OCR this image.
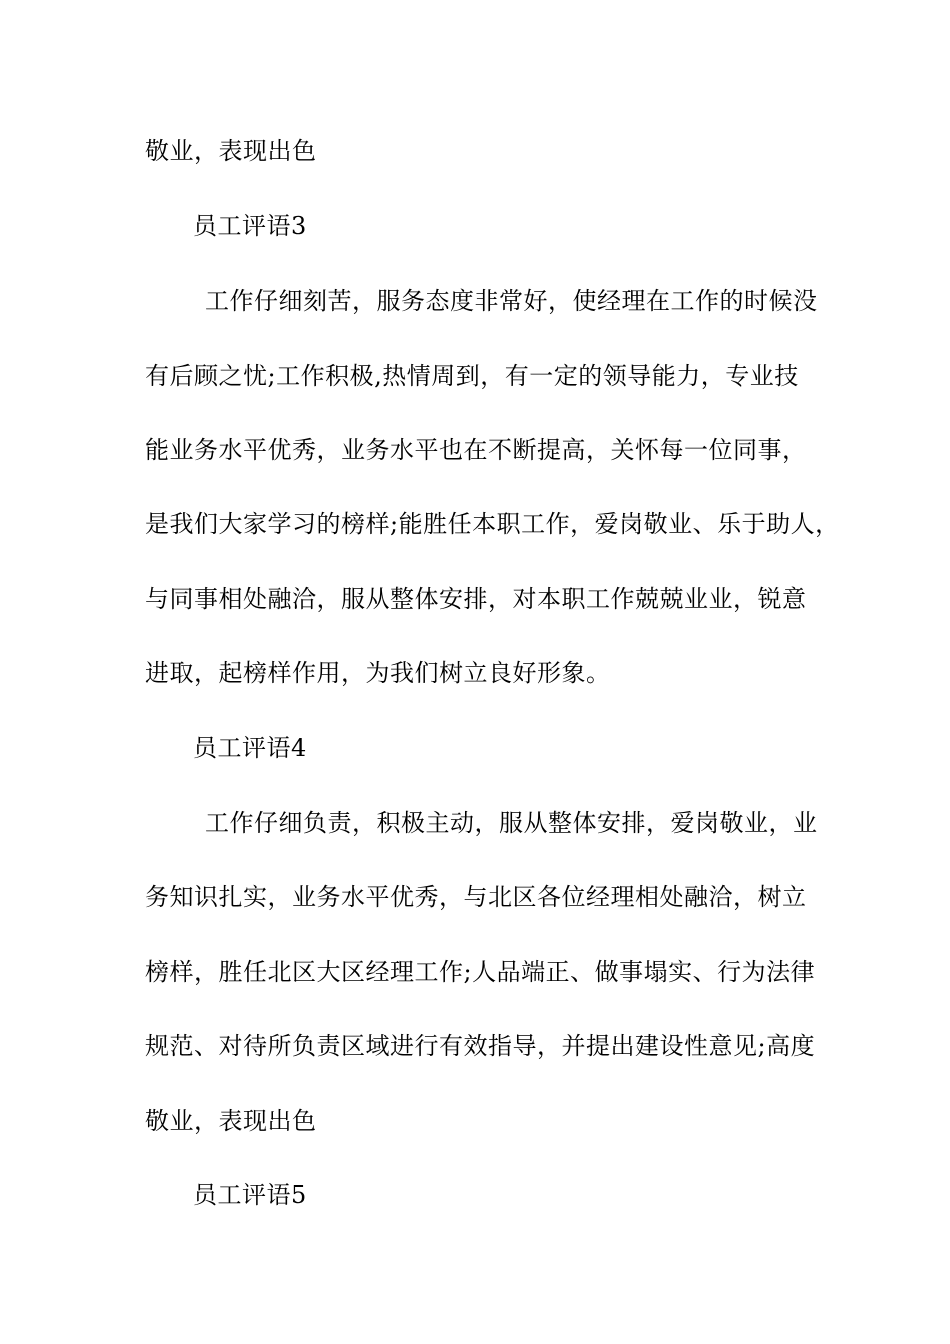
敬业，表现出色
员工评语3
工作仔细刻苦，服务态度非常好，使经理在工作的时候没
有后顾之忧;工作积极,热情周到，有一定的领导能力，专业技
能业务水平优秀，业务水平也在不断提高，关怀每一位同事，
是我们大家学习的榜样;能胜任本职工作，爱岗敬业、乐于助人，
与同事相处融洽，服从整体安排，对本职工作兢兢业业，锐意
进取，起榜样作用，为我们树立良好形象。
员工评语4
工作仔细负责，积极主动，服从整体安排，爱岗敬业，业
务知识扎实，业务水平优秀，与北区各位经理相处融洽，树立
榜样，胜任北区大区经理工作;人品端正、做事塌实、行为法律
规范、对待所负责区域进行有效指导，并提出建设性意见;高度
敬业，表现出色
员工评语5
